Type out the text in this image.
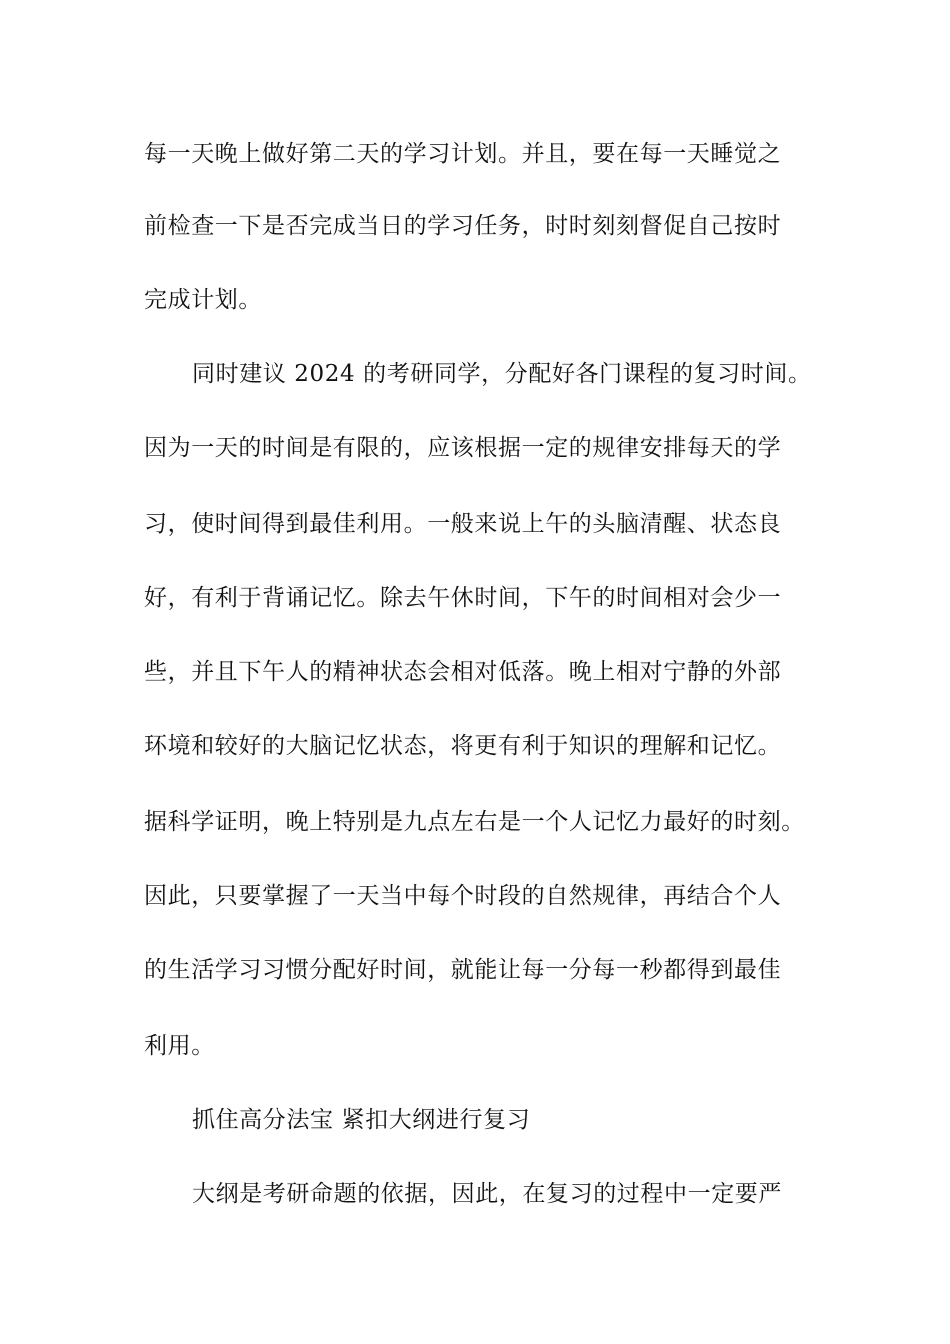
每一天晚上做好第二天的学习计划。并且，要在每一天睡觉之
前检查一下是否完成当日的学习任务，时时刻刻督促自己按时
完成计划。
同时建议 2024 的考研同学，分配好各门课程的复习时间。
因为一天的时间是有限的，应该根据一定的规律安排每天的学
习，使时间得到最佳利用。一般来说上午的头脑清醒、状态良
好，有利于背诵记忆。除去午休时间，下午的时间相对会少一
些，并且下午人的精神状态会相对低落。晚上相对宁静的外部
环境和较好的大脑记忆状态，将更有利于知识的理解和记忆。
据科学证明，晚上特别是九点左右是一个人记忆力最好的时刻。
因此，只要掌握了一天当中每个时段的自然规律，再结合个人
的生活学习习惯分配好时间，就能让每一分每一秒都得到最佳
利用。
抓住高分法宝 紧扣大纲进行复习
大纲是考研命题的依据，因此，在复习的过程中一定要严
